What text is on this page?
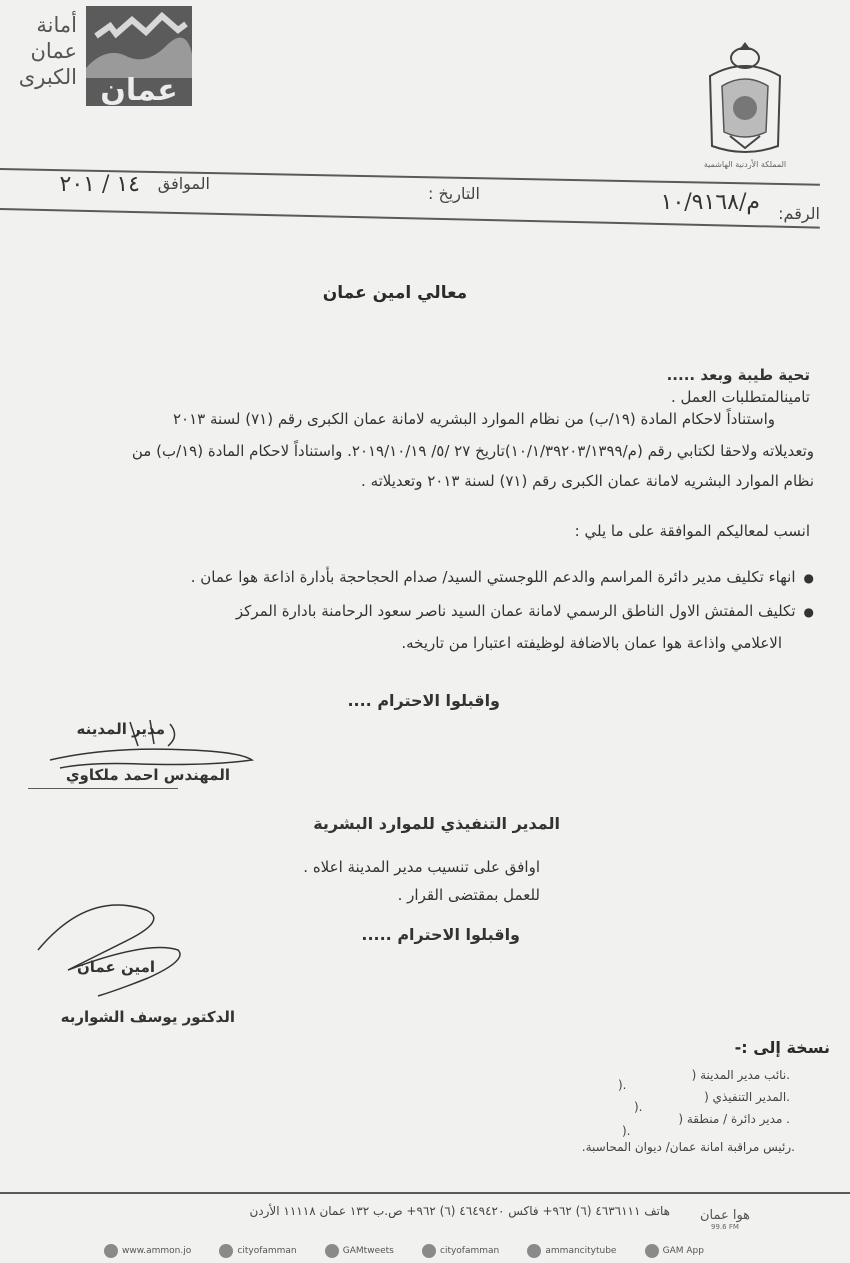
أمانة
عمان
الكبرى عمان
المملكة الأردنية الهاشمية
الرقم:
م/١٠/٩١٦٨
التاريخ :
الموافق
١٤ / ٢٠١
معالي امين عمان
تحية طيبة وبعد .....
تامينالمتطلبات العمل .
واستناداً لاحكام المادة (١٩/ب) من نظام الموارد البشريه لامانة عمان الكبرى رقم (٧١) لسنة ٢٠١٣
وتعديلاته ولاحقا لكتابي رقم (م/١٠/١/٣٩٢٠٣/١٣٩٩)تاريخ ٢٧ /٥/ ٢٠١٩/١٠/١٩. واستناداً لاحكام المادة (١٩/ب) من
نظام الموارد البشريه لامانة عمان الكبرى رقم (٧١) لسنة ٢٠١٣ وتعديلاته .
انسب لمعاليكم الموافقة على ما يلي :
●انهاء تكليف مدير دائرة المراسم والدعم اللوجستي السيد/ صدام الحجاحجة بأدارة اذاعة هوا عمان .
●تكليف المفتش الاول الناطق الرسمي لامانة عمان السيد ناصر سعود الرحامنة بادارة المركز
الاعلامي واذاعة هوا عمان بالاضافة لوظيفته اعتبارا من تاريخه.
واقبلوا الاحترام ....
مدير المدينه
المهندس احمد ملكاوي
المدير التنفيذي للموارد البشرية
اوافق على تنسيب مدير المدينة اعلاه .
للعمل بمقتضى القرار .
واقبلوا الاحترام .....
امين عمان
الدكتور يوسف الشواربه
نسخة إلى :-
.نائب مدير المدينة (
).
.المدير التنفيذي (
).
. مدير دائرة / منطقة (
).
.رئيس مراقبة امانة عمان/ ديوان المحاسبة.
هاتف ٤٦٣٦١١١ (٦) ٩٦٢+ فاكس ٤٦٤٩٤٢٠ (٦) ٩٦٢+ ص.ب ١٣٢ عمان ١١١١٨ الأردن	هوا عمان
99.6 FM
www.ammon.jo	cityofamman	GAMtweets	cityofamman	ammancitytube	GAM App
